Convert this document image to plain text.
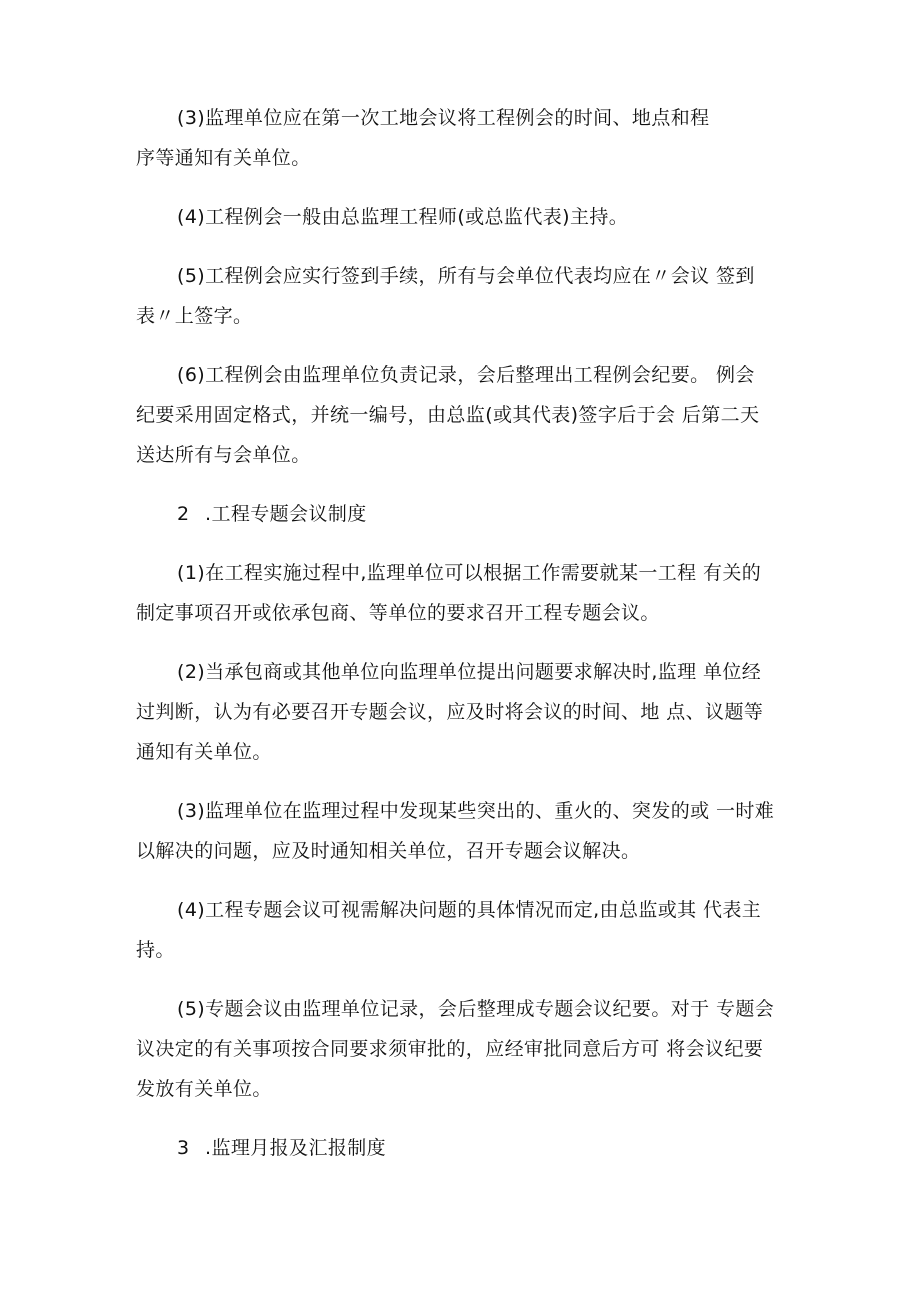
(3)监理单位应在第一次工地会议将工程例会的时间、地点和程
序等通知有关单位。
(4)工程例会一般由总监理工程师(或总监代表)主持。
(5)工程例会应实行签到手续，所有与会单位代表均应在〃会议 签到
表〃上签字。
(6)工程例会由监理单位负责记录，会后整理出工程例会纪要。 例会
纪要采用固定格式，并统一编号，由总监(或其代表)签字后于会 后第二天
送达所有与会单位。
2 .工程专题会议制度
(1)在工程实施过程中,监理单位可以根据工作需要就某一工程 有关的
制定事项召开或依承包商、等单位的要求召开工程专题会议。
(2)当承包商或其他单位向监理单位提出问题要求解决时,监理 单位经
过判断，认为有必要召开专题会议，应及时将会议的时间、地 点、议题等
通知有关单位。
(3)监理单位在监理过程中发现某些突出的、重火的、突发的或 一时难
以解决的问题，应及时通知相关单位，召开专题会议解决。
(4)工程专题会议可视需解决问题的具体情况而定,由总监或其 代表主
持。
(5)专题会议由监理单位记录，会后整理成专题会议纪要。对于 专题会
议决定的有关事项按合同要求须审批的，应经审批同意后方可 将会议纪要
发放有关单位。
3 .监理月报及汇报制度
